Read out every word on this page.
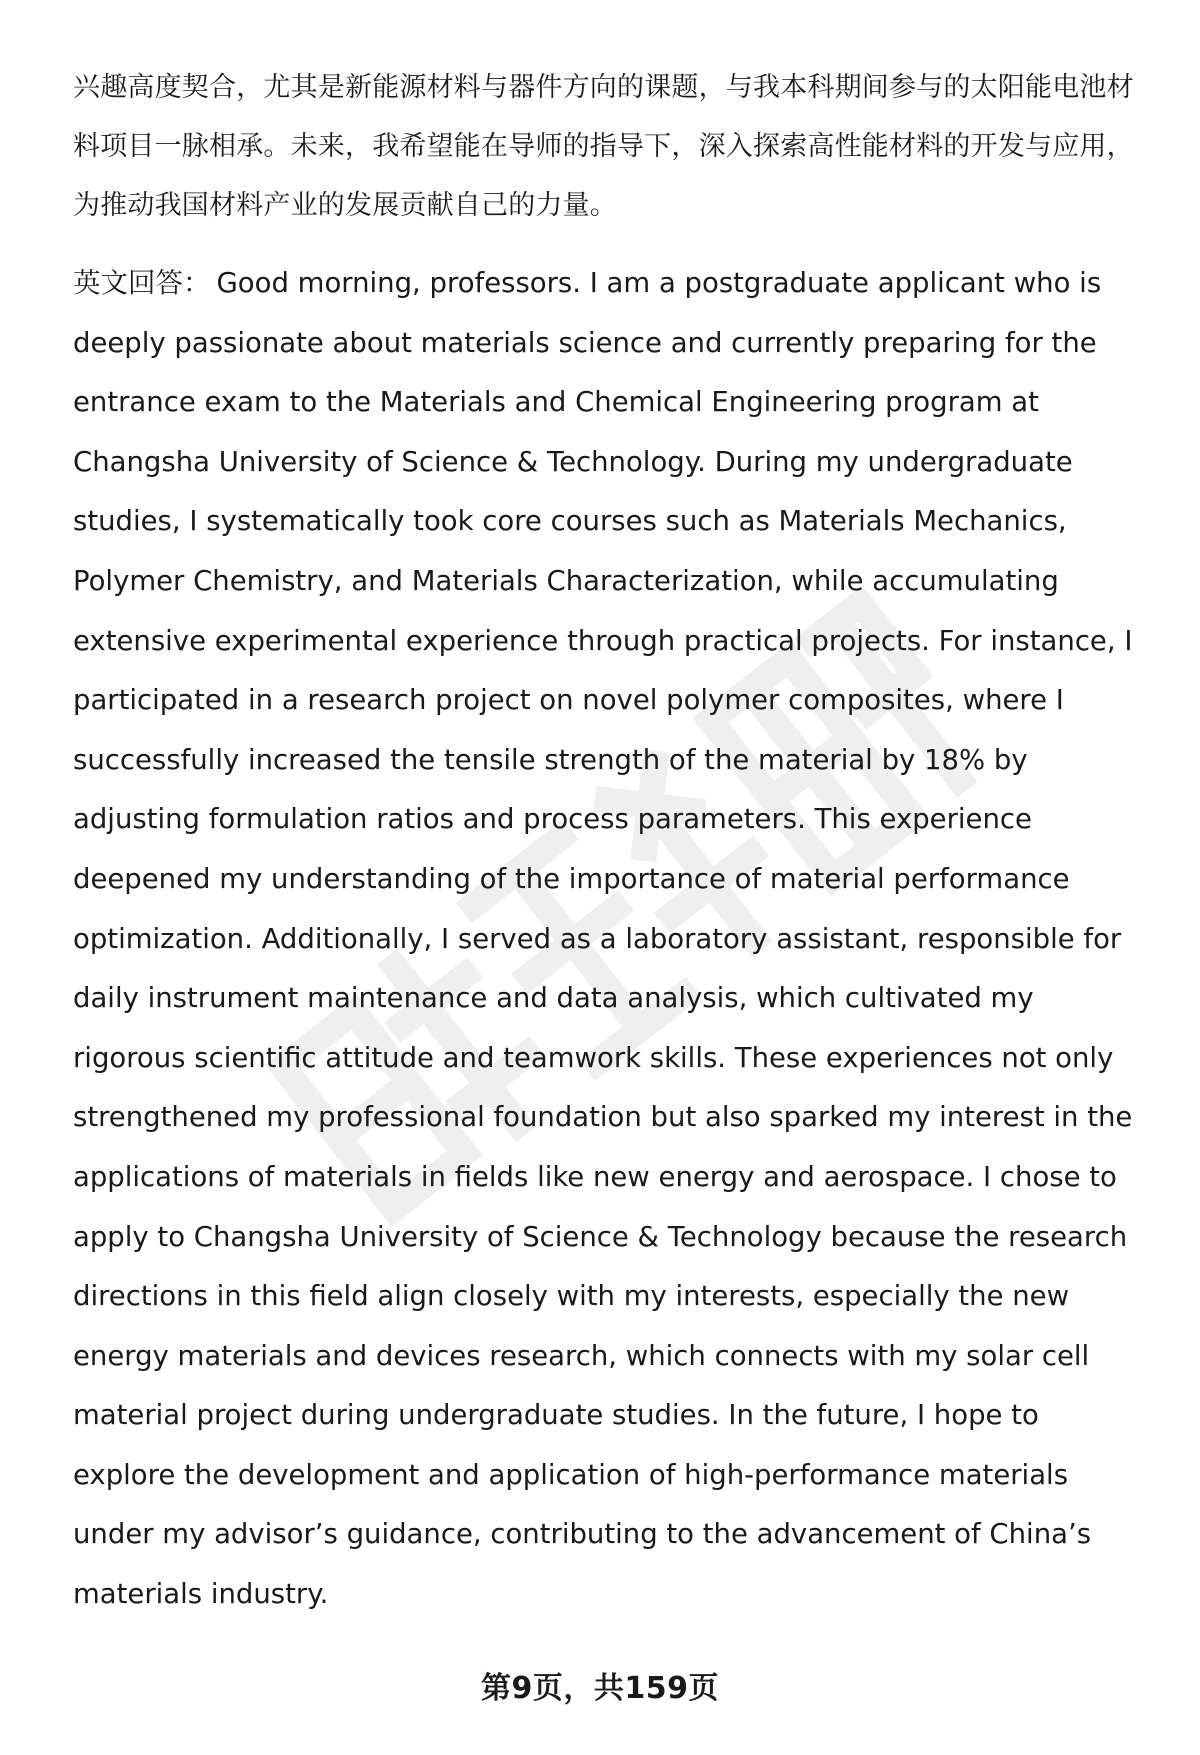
兴趣高度契合，尤其是新能源材料与器件方向的课题，与我本科期间参与的太阳能电池材料项目一脉相承。未来，我希望能在导师的指导下，深入探索高性能材料的开发与应用，为推动我国材料产业的发展贡献自己的力量。

英文回答： Good morning, professors. I am a postgraduate applicant who is deeply passionate about materials science and currently preparing for the entrance exam to the Materials and Chemical Engineering program at Changsha University of Science & Technology. During my undergraduate studies, I systematically took core courses such as Materials Mechanics, Polymer Chemistry, and Materials Characterization, while accumulating extensive experimental experience through practical projects. For instance, I participated in a research project on novel polymer composites, where I successfully increased the tensile strength of the material by 18% by adjusting formulation ratios and process parameters. This experience deepened my understanding of the importance of material performance optimization. Additionally, I served as a laboratory assistant, responsible for daily instrument maintenance and data analysis, which cultivated my rigorous scientific attitude and teamwork skills. These experiences not only strengthened my professional foundation but also sparked my interest in the applications of materials in fields like new energy and aerospace. I chose to apply to Changsha University of Science & Technology because the research directions in this field align closely with my interests, especially the new energy materials and devices research, which connects with my solar cell material project during undergraduate studies. In the future, I hope to explore the development and application of high-performance materials under my advisor’s guidance, contributing to the advancement of China’s materials industry.

第9页，共159页
